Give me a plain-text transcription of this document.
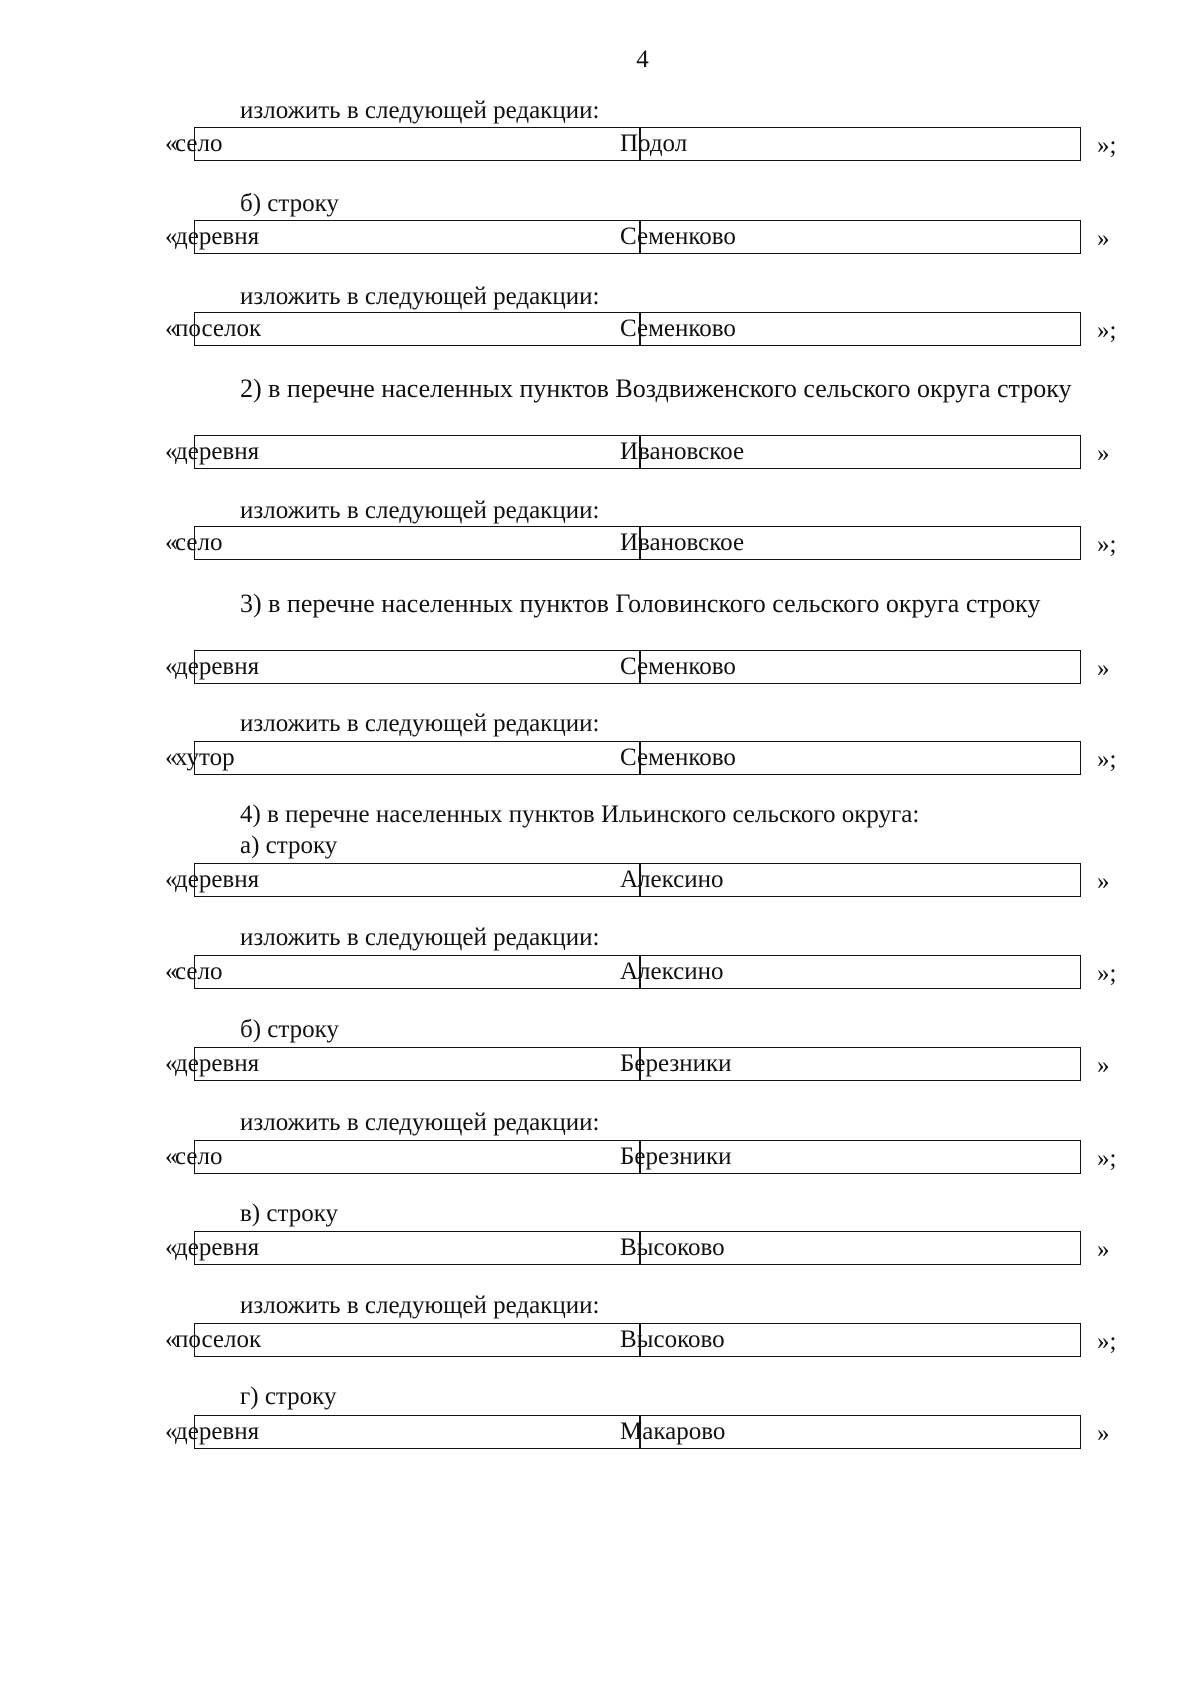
4
изложить в следующей редакции:
«
село	Подол	»;
б) строку
«
деревня	Семенково	»
изложить в следующей редакции:
«
поселок	Семенково	»;

2) в перечне населенных пунктов Воздвиженского сельского округа строку

«
деревня	Ивановское	»
изложить в следующей редакции:
«
село	Ивановское	»;

3) в перечне населенных пунктов Головинского сельского округа строку

«
деревня	Семенково	»
изложить в следующей редакции:
«
хутор	Семенково	»;
4) в перечне населенных пунктов Ильинского сельского округа:
а) строку
«
деревня	Алексино	»
изложить в следующей редакции:
«
село	Алексино	»;
б) строку
«
деревня	Березники	»
изложить в следующей редакции:
«
село	Березники	»;
в) строку
«
деревня	Высоково	»
изложить в следующей редакции:
«
поселок	Высоково	»;
г) строку
«
деревня	Макарово	»
